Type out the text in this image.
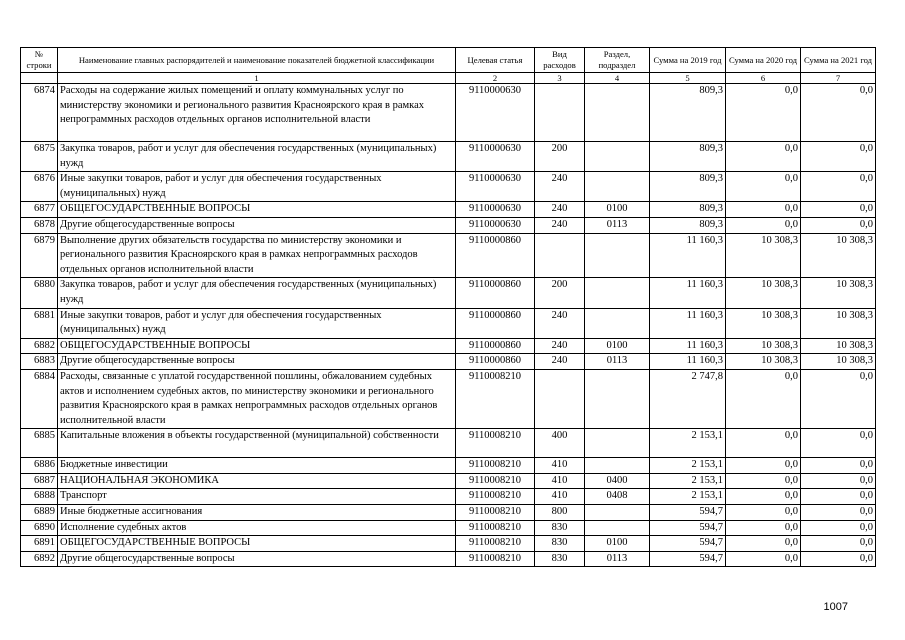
№ строки	Наименование главных распорядителей и наименование показателей бюджетной классификации	Целевая статья	Вид расходов	Раздел, подраздел	Сумма на 2019 год	Сумма на 2020 год	Сумма на 2021 год
	1	2	3	4	5	6	7
6874	Расходы на содержание жилых помещений и оплату коммунальных услуг по министерству экономики и регионального развития Красноярского края в рамках непрограммных расходов отдельных органов исполнительной власти	9110000630			809,3	0,0	0,0
6875	Закупка товаров, работ и услуг для обеспечения государственных (муниципальных) нужд	9110000630	200		809,3	0,0	0,0
6876	Иные закупки товаров, работ и услуг для обеспечения государственных (муниципальных) нужд	9110000630	240		809,3	0,0	0,0
6877	ОБЩЕГОСУДАРСТВЕННЫЕ ВОПРОСЫ	9110000630	240	0100	809,3	0,0	0,0
6878	Другие общегосударственные вопросы	9110000630	240	0113	809,3	0,0	0,0
6879	Выполнение других обязательств государства по министерству экономики и регионального развития Красноярского края в рамках непрограммных расходов отдельных органов исполнительной власти	9110000860			11 160,3	10 308,3	10 308,3
6880	Закупка товаров, работ и услуг для обеспечения государственных (муниципальных) нужд	9110000860	200		11 160,3	10 308,3	10 308,3
6881	Иные закупки товаров, работ и услуг для обеспечения государственных (муниципальных) нужд	9110000860	240		11 160,3	10 308,3	10 308,3
6882	ОБЩЕГОСУДАРСТВЕННЫЕ ВОПРОСЫ	9110000860	240	0100	11 160,3	10 308,3	10 308,3
6883	Другие общегосударственные вопросы	9110000860	240	0113	11 160,3	10 308,3	10 308,3
6884	Расходы, связанные с уплатой государственной пошлины, обжалованием судебных актов и исполнением судебных актов, по министерству экономики и регионального развития Красноярского края в рамках непрограммных расходов отдельных органов исполнительной власти	9110008210			2 747,8	0,0	0,0
6885	Капитальные вложения в объекты государственной (муниципальной) собственности	9110008210	400		2 153,1	0,0	0,0
6886	Бюджетные инвестиции	9110008210	410		2 153,1	0,0	0,0
6887	НАЦИОНАЛЬНАЯ ЭКОНОМИКА	9110008210	410	0400	2 153,1	0,0	0,0
6888	Транспорт	9110008210	410	0408	2 153,1	0,0	0,0
6889	Иные бюджетные ассигнования	9110008210	800		594,7	0,0	0,0
6890	Исполнение судебных актов	9110008210	830		594,7	0,0	0,0
6891	ОБЩЕГОСУДАРСТВЕННЫЕ ВОПРОСЫ	9110008210	830	0100	594,7	0,0	0,0
6892	Другие общегосударственные вопросы	9110008210	830	0113	594,7	0,0	0,0
1007
